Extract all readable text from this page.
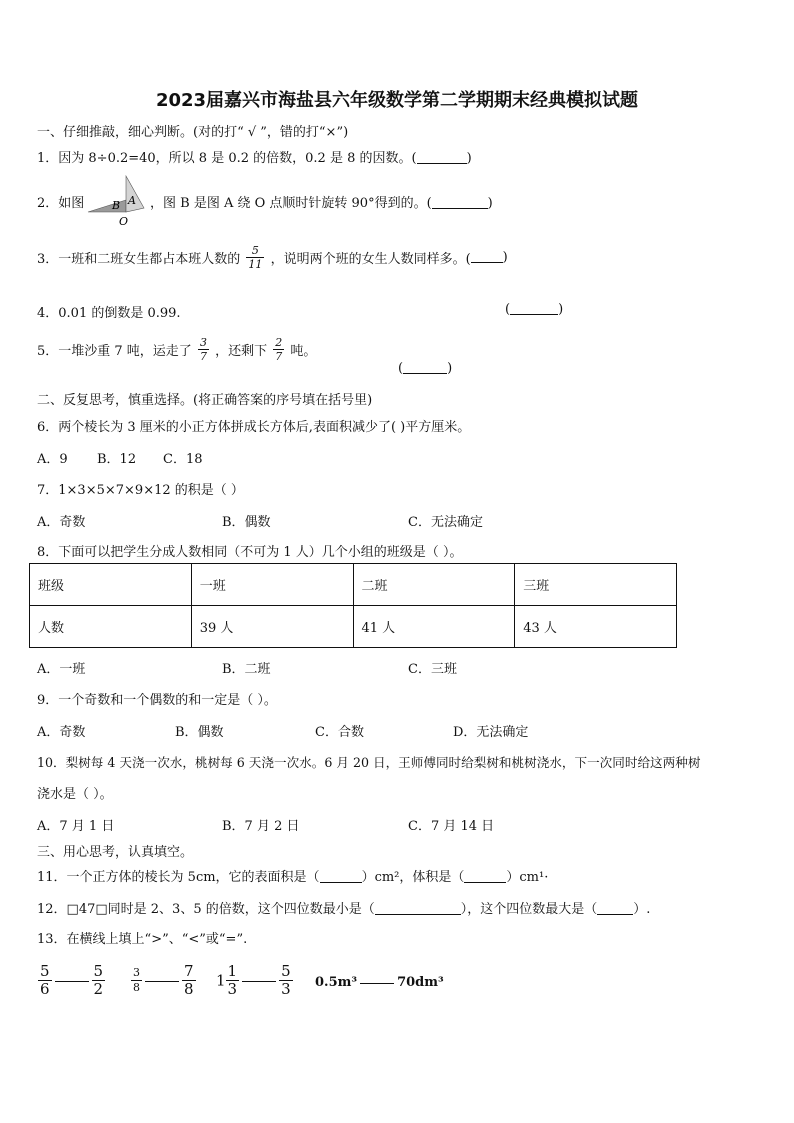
2023届嘉兴市海盐县六年级数学第二学期期末经典模拟试题
一、仔细推敲，细心判断。(对的打“ √ ”，错的打“×”)
1．因为 8÷0.2=40，所以 8 是 0.2 的倍数，0.2 是 8 的因数。(	)
2．如图	B A
O
，图 B 是图 A 绕 O 点顺时针旋转 90°得到的。(	)
3．一班和二班女生都占本班人数的 $\frac{5}{11}$ ，说明两个班的女生人数同样多。( )
4．0.01 的倒数是 0.99.	(	)
5．一堆沙重 7 吨，运走了 $\frac{3}{7}$ ，还剩下 $\frac{2}{7}$ 吨。
(	)
二、反复思考，慎重选择。(将正确答案的序号填在括号里)
6．两个棱长为 3 厘米的小正方体拼成长方体后,表面积减少了( )平方厘米。
A．9 B．12 C．18
7．1×3×5×7×9×12 的积是（ ）
A．奇数	B．偶数	C．无法确定
8．下面可以把学生分成人数相同（不可为 1 人）几个小组的班级是（ ）。
班级	一班	二班	三班
人数	39 人	41 人	43 人
A．一班	B．二班	C．三班
9．一个奇数和一个偶数的和一定是（ ）。
A．奇数	B．偶数	C．合数	D．无法确定
10．梨树每 4 天浇一次水，桃树每 6 天浇一次水。6 月 20 日，王师傅同时给梨树和桃树浇水，下一次同时给这两种树
浇水是（ ）。
A．7 月 1 日	B．7 月 2 日	C．7 月 14 日
三、用心思考，认真填空。
11．一个正方体的棱长为 5cm，它的表面积是（	）cm²，体积是（	）cm¹·
12．□47□同时是 2、3、5 的倍数，这个四位数最小是（	），这个四位数最大是（	）.
13．在横线上填上“>”、“<”或“=”.
$\frac{5}{6}$	$\frac{5}{2} \frac{3}{8}$	$\frac{7}{8} 1 \frac{1}{3}$	$\frac{5}{3} 0.5m^3$	70dm³
